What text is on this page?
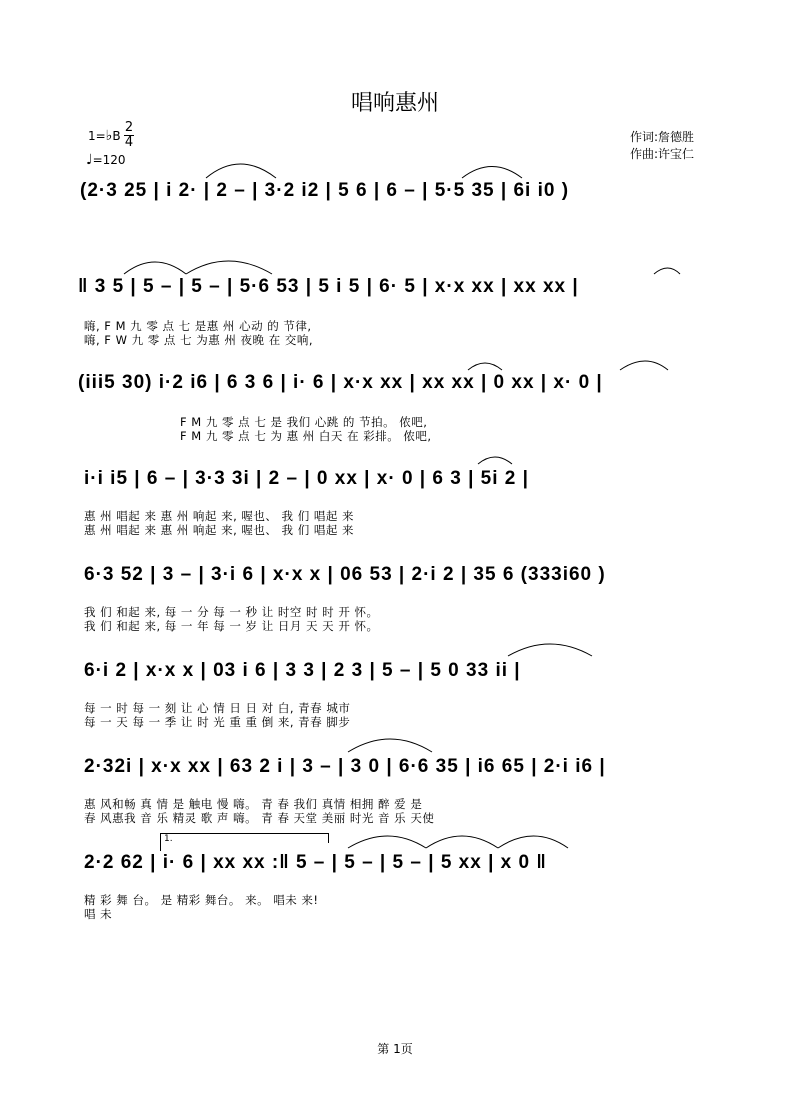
唱响惠州
1=♭B
2
4
♩=120
作词:詹德胜
作曲:许宝仁
(2·3 25 | i 2· | 2 – | 3·2 i2 | 5 6 | 6 – | 5·5 35 | 6i i0 )
‖ 3 5 | 5 – | 5 – | 5·6 53 | 5 i 5 | 6· 5 | x·x xx | xx xx |
嗨, F M 九 零 点 七 是惠 州 心动 的 节律,
嗨, F W 九 零 点 七 为惠 州 夜晚 在 交响,
(iii5 30) i·2 i6 | 6 3 6 | i· 6 | x·x xx | xx xx | 0 xx | x· 0 |
F M 九 零 点 七 是 我们 心跳 的 节拍。 侬吧,
F M 九 零 点 七 为 惠 州 白天 在 彩排。 侬吧,
i·i i5 | 6 – | 3·3 3i | 2 – | 0 xx | x· 0 | 6 3 | 5i 2 |
惠 州 唱起 来 惠 州 响起 来, 喔也、 我 们 唱起 来
惠 州 唱起 来 惠 州 响起 来, 喔也、 我 们 唱起 来
6·3 52 | 3 – | 3·i 6 | x·x x | 06 53 | 2·i 2 | 35 6 (333i60 )
我 们 和起 来, 每 一 分 每 一 秒 让 时空 时 时 开 怀。
我 们 和起 来, 每 一 年 每 一 岁 让 日月 天 天 开 怀。
6·i 2 | x·x x | 03 i 6 | 3 3 | 2 3 | 5 – | 5 0 33 ii |
每 一 时 每 一 刻 让 心 情 日 日 对 白, 青春 城市
每 一 天 每 一 季 让 时 光 重 重 倒 来, 青春 脚步
2·32i | x·x xx | 63 2 i | 3 – | 3 0 | 6·6 35 | i6 65 | 2·i i6 |
惠 风和畅 真 情 是 触电 慢 嗨。 青 春 我们 真情 相拥 醉 爱 是
春 风惠我 音 乐 精灵 歌 声 嗨。 青 春 天堂 美丽 时光 音 乐 天使
1.
2·2 62 | i· 6 | xx xx :‖ 5 – | 5 – | 5 – | 5 xx | x 0 ‖
精 彩 舞 台。 是 精彩 舞台。 来。 唱未 来!
唱 未
第 1页
